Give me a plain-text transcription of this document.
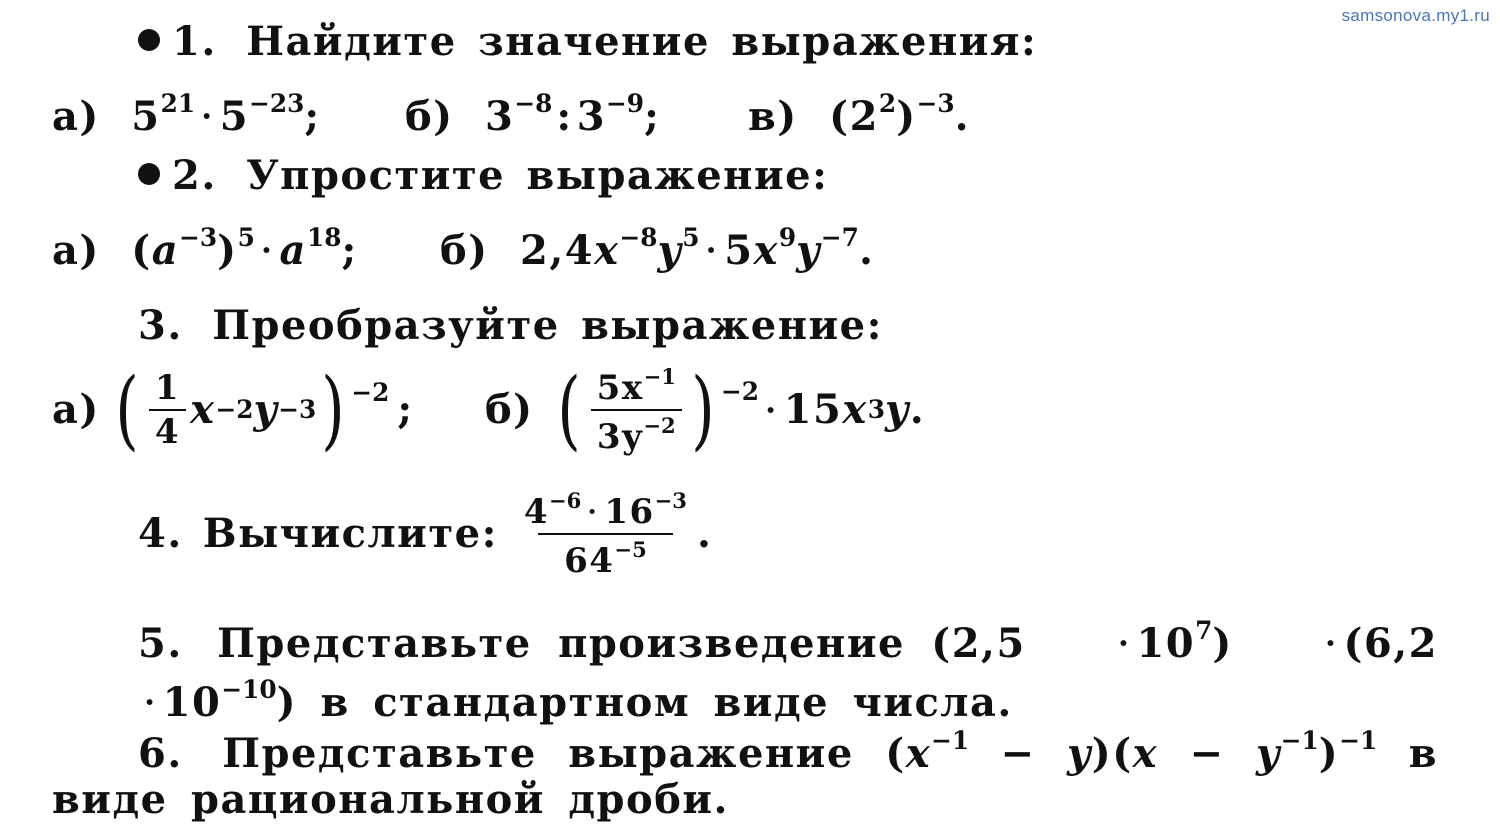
samsonova.my1.ru
1. Найдите значение выражения:
а) $5^{21} \cdot 5^{-23}$; б) $3^{-8}$ : $3^{-9}$; в) $(2^2)^{-3}$.
2. Упростите выражение:
а) $(a^{-3})^5 \cdot a^{18}$; б) $2,4x^{-8}y^5 \cdot 5x^9y^{-7}$.
3. Преобразуйте выражение:
а) ( $\frac{1}{4}$ x −2 y −3 ) −2 ; б) ( $\frac{5x^{-1}}{3y^{-2}}$ ) −2 · 15 x 3 y .
4. Вычислите: $\frac{4^{-6} \cdot 16^{-3}}{64^{-5}}$ .
5. Представьте произведение (2,5	· $10^7$)	· $(6,2\cdot 10^{-10})$ в стандартном виде числа.
6. Представьте выражение $(x^{-1} - y)(x - y^{-1})^{-1}$ в виде рациональной дроби.
